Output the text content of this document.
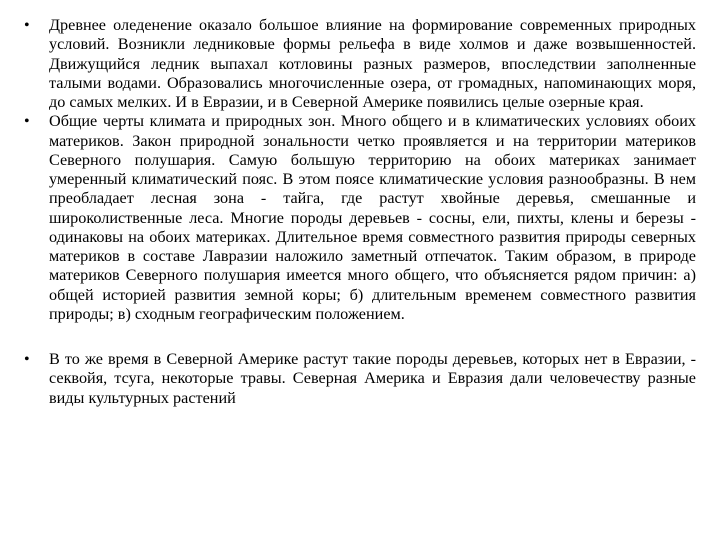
• Древнее оледенение оказало большое влияние на формирование современных природных условий. Возникли ледниковые формы рельефа в виде холмов и даже возвышенностей. Движущийся ледник выпахал котловины разных размеров, впоследствии заполненные талыми водами. Образовались многочисленные озера, от громадных, напоминающих моря, до самых мелких. И в Евразии, и в Северной Америке появились целые озерные края.
• Общие черты климата и природных зон. Много общего и в климатических условиях обоих материков. Закон природной зональности четко проявляется и на территории материков Северного полушария. Самую большую территорию на обоих материках занимает умеренный климатический пояс. В этом поясе климатические условия разнообразны. В нем преобладает лесная зона - тайга, где растут хвойные деревья, смешанные и широколиственные леса. Многие породы деревьев - сосны, ели, пихты, клены и березы - одинаковы на обоих материках. Длительное время совместного развития природы северных материков в составе Лавразии наложило заметный отпечаток. Таким образом, в природе материков Северного полушария имеется много общего, что объясняется рядом причин: а) общей историей развития земной коры; б) длительным временем совместного развития природы; в) сходным географическим положением.
• В то же время в Северной Америке растут такие породы деревьев, которых нет в Евразии, - секвойя, тсуга, некоторые травы. Северная Америка и Евразия дали человечеству разные виды культурных растений
